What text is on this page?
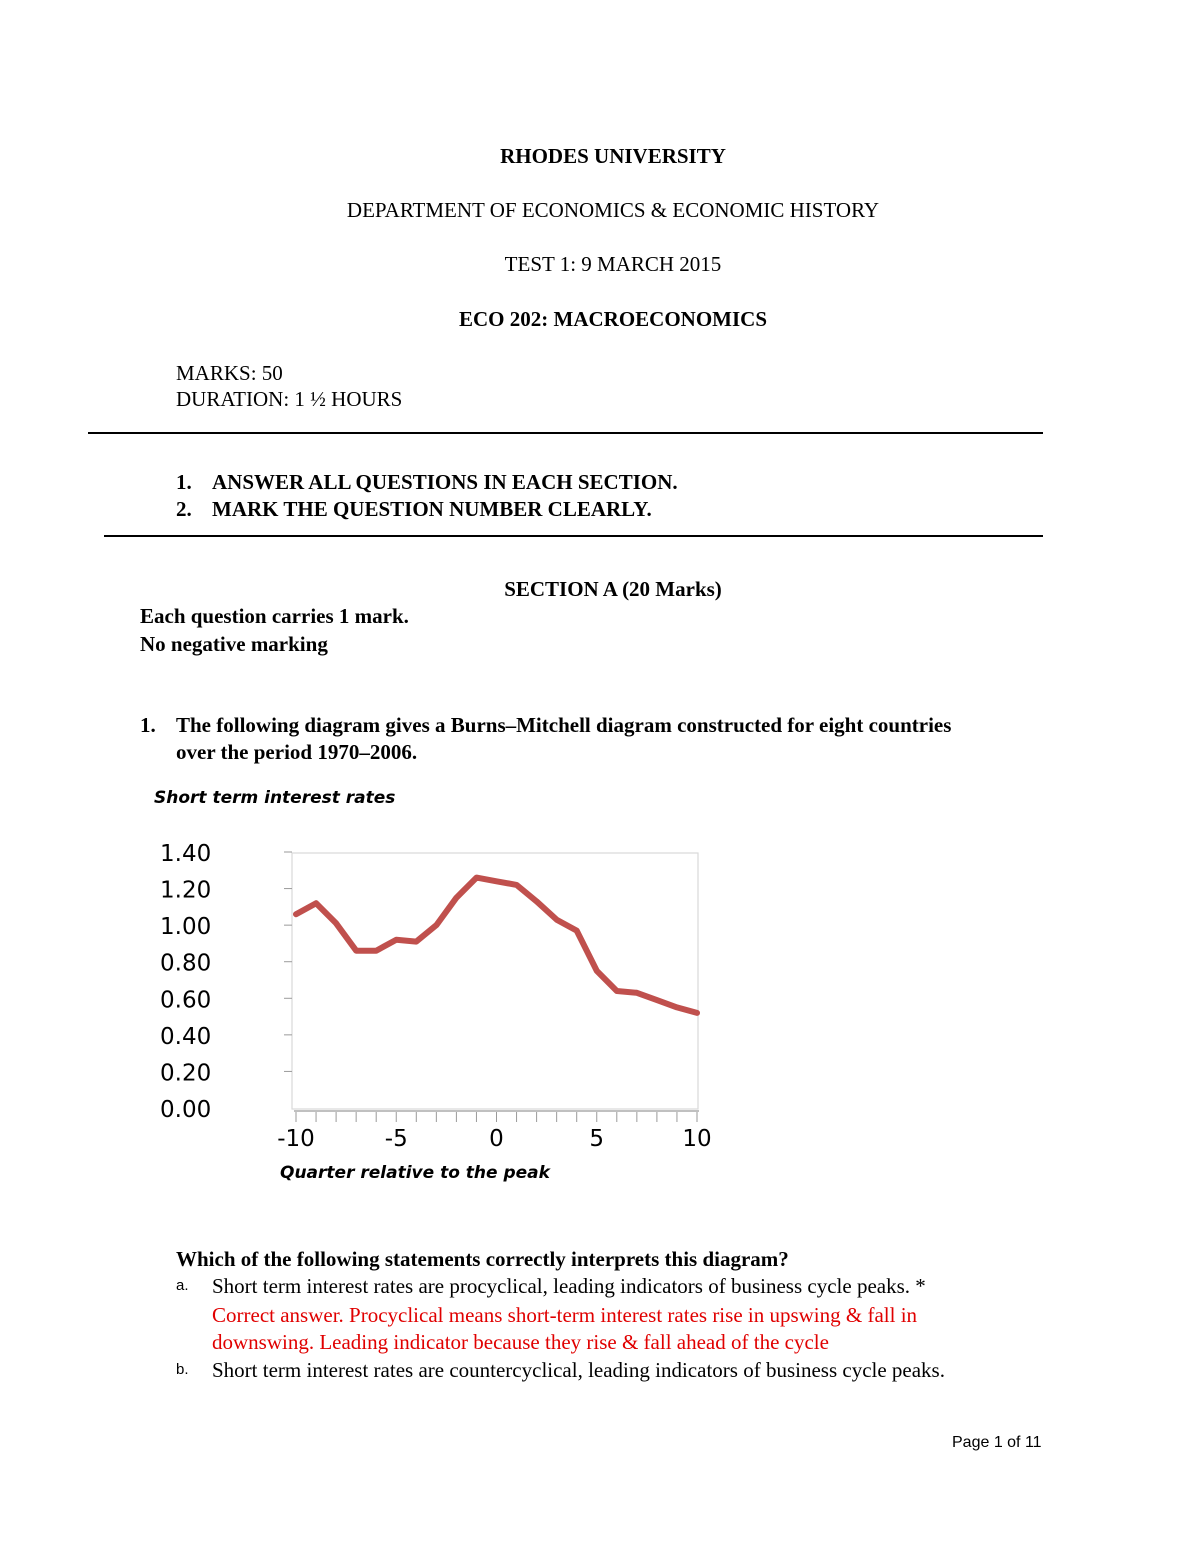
RHODES UNIVERSITY
DEPARTMENT OF ECONOMICS & ECONOMIC HISTORY
TEST 1: 9 MARCH 2015
ECO 202: MACROECONOMICS
MARKS: 50
DURATION: 1 ½ HOURS
1. ANSWER ALL QUESTIONS IN EACH SECTION.
2. MARK THE QUESTION NUMBER CLEARLY.
SECTION A (20 Marks)
Each question carries 1 mark.
No negative marking
1. The following diagram gives a Burns–Mitchell diagram constructed for eight countries
over the period 1970–2006.
Short term interest rates
0.00
0.20
0.40
0.60
0.80
1.00
1.20
1.40
-10	-5	0	5	10
Quarter relative to the peak
Which of the following statements correctly interprets this diagram?
a. Short term interest rates are procyclical, leading indicators of business cycle peaks. *
Correct answer. Procyclical means short-term interest rates rise in upswing & fall in
downswing. Leading indicator because they rise & fall ahead of the cycle
b. Short term interest rates are countercyclical, leading indicators of business cycle peaks.
Page 1 of 11
